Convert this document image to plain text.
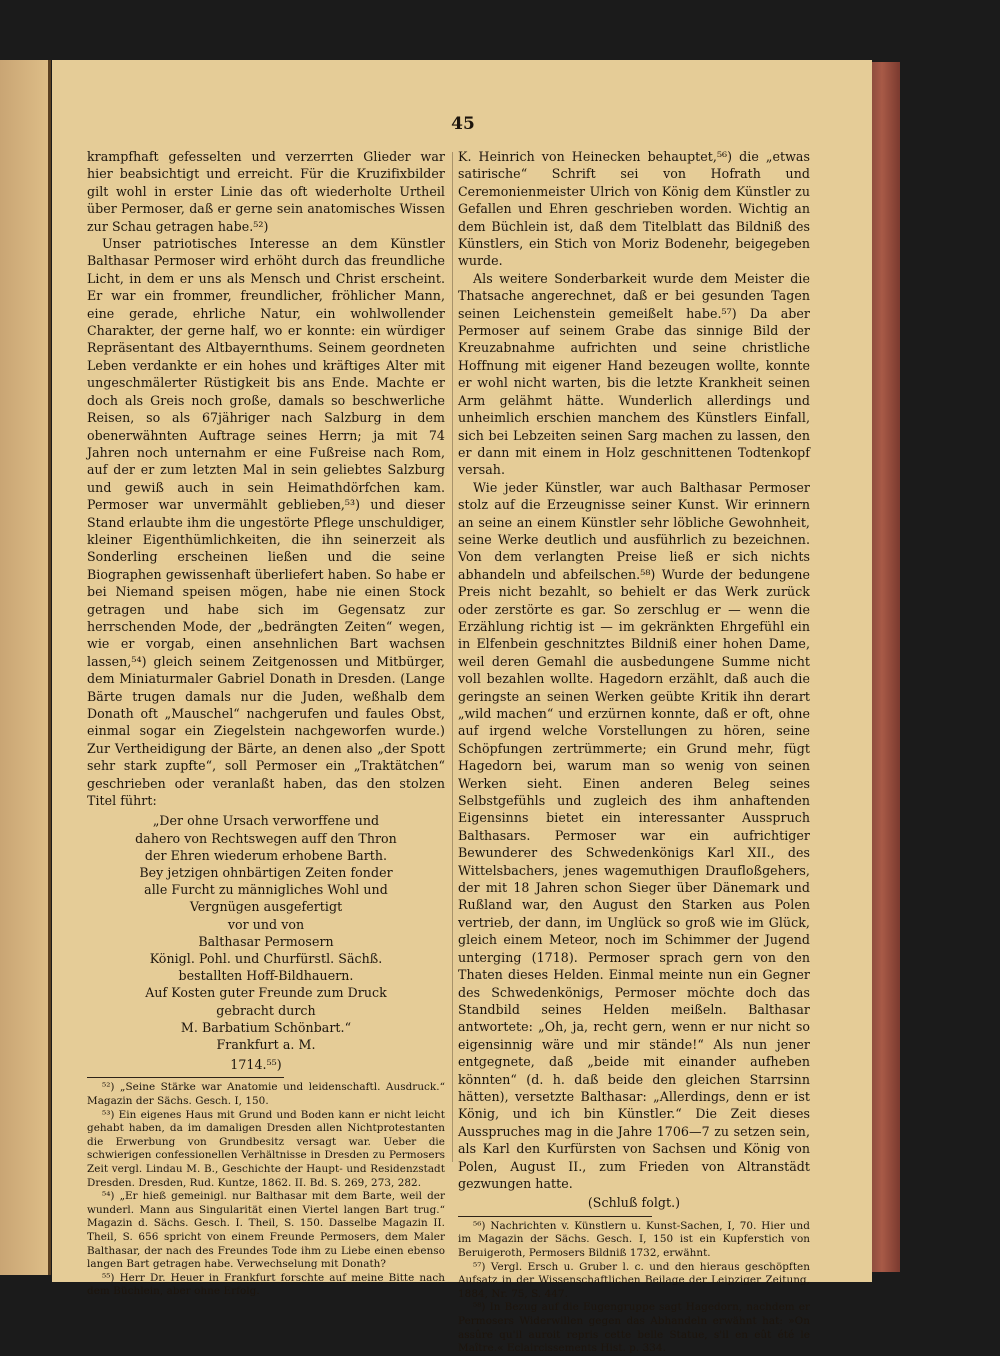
45

krampfhaft gefesselten und verzerrten Glieder war hier beabsichtigt und erreicht. Für die Kruzifixbilder gilt wohl in erster Linie das oft wiederholte Urtheil über Permoser, daß er gerne sein anatomisches Wissen zur Schau getragen habe.⁵²)

Unser patriotisches Interesse an dem Künstler Balthasar Permoser wird erhöht durch das freundliche Licht, in dem er uns als Mensch und Christ erscheint. Er war ein frommer, freundlicher, fröhlicher Mann, eine gerade, ehrliche Natur, ein wohlwollender Charakter, der gerne half, wo er konnte: ein würdiger Repräsentant des Altbayernthums. Seinem geordneten Leben verdankte er ein hohes und kräftiges Alter mit ungeschmälerter Rüstigkeit bis ans Ende. Machte er doch als Greis noch große, damals so beschwerliche Reisen, so als 67jähriger nach Salzburg in dem obenerwähnten Auftrage seines Herrn; ja mit 74 Jahren noch unternahm er eine Fußreise nach Rom, auf der er zum letzten Mal in sein geliebtes Salzburg und gewiß auch in sein Heimathdörfchen kam. Permoser war unvermählt geblieben,⁵³) und dieser Stand erlaubte ihm die ungestörte Pflege unschuldiger, kleiner Eigenthümlichkeiten, die ihn seinerzeit als Sonderling erscheinen ließen und die seine Biographen gewissenhaft überliefert haben. So habe er bei Niemand speisen mögen, habe nie einen Stock getragen und habe sich im Gegensatz zur herrschenden Mode, der „bedrängten Zeiten“ wegen, wie er vorgab, einen ansehnlichen Bart wachsen lassen,⁵⁴) gleich seinem Zeitgenossen und Mitbürger, dem Miniaturmaler Gabriel Donath in Dresden. (Lange Bärte trugen damals nur die Juden, weßhalb dem Donath oft „Mauschel“ nachgerufen und faules Obst, einmal sogar ein Ziegelstein nachgeworfen wurde.) Zur Vertheidigung der Bärte, an denen also „der Spott sehr stark zupfte“, soll Permoser ein „Traktätchen“ geschrieben oder veranlaßt haben, das den stolzen Titel führt:

„Der ohne Ursach verworffene und
dahero von Rechtswegen auff den Thron
der Ehren wiederum erhobene Barth.
Bey jetzigen ohnbärtigen Zeiten fonder
alle Furcht zu männigliches Wohl und
Vergnügen ausgefertigt
vor und von
Balthasar Permosern
Königl. Pohl. und Churfürstl. Sächß.
bestallten Hoff-Bildhauern.
Auf Kosten guter Freunde zum Druck
gebracht durch
M. Barbatium Schönbart.“
Frankfurt a. M.
1714.⁵⁵)

⁵²) „Seine Stärke war Anatomie und leidenschaftl. Ausdruck.“ Magazin der Sächs. Gesch. I, 150.

⁵³) Ein eigenes Haus mit Grund und Boden kann er nicht leicht gehabt haben, da im damaligen Dresden allen Nichtprotestanten die Erwerbung von Grundbesitz versagt war. Ueber die schwierigen confessionellen Verhältnisse in Dresden zu Permosers Zeit vergl. Lindau M. B., Geschichte der Haupt- und Residenzstadt Dresden. Dresden, Rud. Kuntze, 1862. II. Bd. S. 269, 273, 282.

⁵⁴) „Er hieß gemeinigl. nur Balthasar mit dem Barte, weil der wunderl. Mann aus Singularität einen Viertel langen Bart trug.“ Magazin d. Sächs. Gesch. I. Theil, S. 150. Dasselbe Magazin II. Theil, S. 656 spricht von einem Freunde Permosers, dem Maler Balthasar, der nach des Freundes Tode ihm zu Liebe einen ebenso langen Bart getragen habe. Verwechselung mit Donath?

⁵⁵) Herr Dr. Heuer in Frankfurt forschte auf meine Bitte nach dem Büchlein, aber ohne Erfolg.

K. Heinrich von Heinecken behauptet,⁵⁶) die „etwas satirische“ Schrift sei von Hofrath und Ceremonienmeister Ulrich von König dem Künstler zu Gefallen und Ehren geschrieben worden. Wichtig an dem Büchlein ist, daß dem Titelblatt das Bildniß des Künstlers, ein Stich von Moriz Bodenehr, beigegeben wurde.

Als weitere Sonderbarkeit wurde dem Meister die Thatsache angerechnet, daß er bei gesunden Tagen seinen Leichenstein gemeißelt habe.⁵⁷) Da aber Permoser auf seinem Grabe das sinnige Bild der Kreuzabnahme aufrichten und seine christliche Hoffnung mit eigener Hand bezeugen wollte, konnte er wohl nicht warten, bis die letzte Krankheit seinen Arm gelähmt hätte. Wunderlich allerdings und unheimlich erschien manchem des Künstlers Einfall, sich bei Lebzeiten seinen Sarg machen zu lassen, den er dann mit einem in Holz geschnittenen Todtenkopf versah.

Wie jeder Künstler, war auch Balthasar Permoser stolz auf die Erzeugnisse seiner Kunst. Wir erinnern an seine an einem Künstler sehr löbliche Gewohnheit, seine Werke deutlich und ausführlich zu bezeichnen. Von dem verlangten Preise ließ er sich nichts abhandeln und abfeilschen.⁵⁸) Wurde der bedungene Preis nicht bezahlt, so behielt er das Werk zurück oder zerstörte es gar. So zerschlug er — wenn die Erzählung richtig ist — im gekränkten Ehrgefühl ein in Elfenbein geschnitztes Bildniß einer hohen Dame, weil deren Gemahl die ausbedungene Summe nicht voll bezahlen wollte. Hagedorn erzählt, daß auch die geringste an seinen Werken geübte Kritik ihn derart „wild machen“ und erzürnen konnte, daß er oft, ohne auf irgend welche Vorstellungen zu hören, seine Schöpfungen zertrümmerte; ein Grund mehr, fügt Hagedorn bei, warum man so wenig von seinen Werken sieht. Einen anderen Beleg seines Selbstgefühls und zugleich des ihm anhaftenden Eigensinns bietet ein interessanter Ausspruch Balthasars. Permoser war ein aufrichtiger Bewunderer des Schwedenkönigs Karl XII., des Wittelsbachers, jenes wagemuthigen Draufloßgehers, der mit 18 Jahren schon Sieger über Dänemark und Rußland war, den August den Starken aus Polen vertrieb, der dann, im Unglück so groß wie im Glück, gleich einem Meteor, noch im Schimmer der Jugend unterging (1718). Permoser sprach gern von den Thaten dieses Helden. Einmal meinte nun ein Gegner des Schwedenkönigs, Permoser möchte doch das Standbild seines Helden meißeln. Balthasar antwortete: „Oh, ja, recht gern, wenn er nur nicht so eigensinnig wäre und mir stände!“ Als nun jener entgegnete, daß „beide mit einander aufheben könnten“ (d. h. daß beide den gleichen Starrsinn hätten), versetzte Balthasar: „Allerdings, denn er ist König, und ich bin Künstler.“ Die Zeit dieses Ausspruches mag in die Jahre 1706—7 zu setzen sein, als Karl den Kurfürsten von Sachsen und König von Polen, August II., zum Frieden von Altranstädt gezwungen hatte.

(Schluß folgt.)

⁵⁶) Nachrichten v. Künstlern u. Kunst-Sachen, I, 70. Hier und im Magazin der Sächs. Gesch. I, 150 ist ein Kupferstich von Beruigeroth, Permosers Bildniß 1732, erwähnt.

⁵⁷) Vergl. Ersch u. Gruber l. c. und den hieraus geschöpften Aufsatz in der Wissenschaftlichen Beilage der Leipziger Zeitung, 1884, Nr. 75, S. 447.

⁵⁸) In Bezug auf die Eugengruppe sagt Hagedorn, nachdem er Permosers Widerwillen gegen das Abhandeln erwähnt hat: »On assûre qu'il auroit repris cette belle Statue, s'il en eût été le Maître.« Eclaircissements Hist. p. 334.
